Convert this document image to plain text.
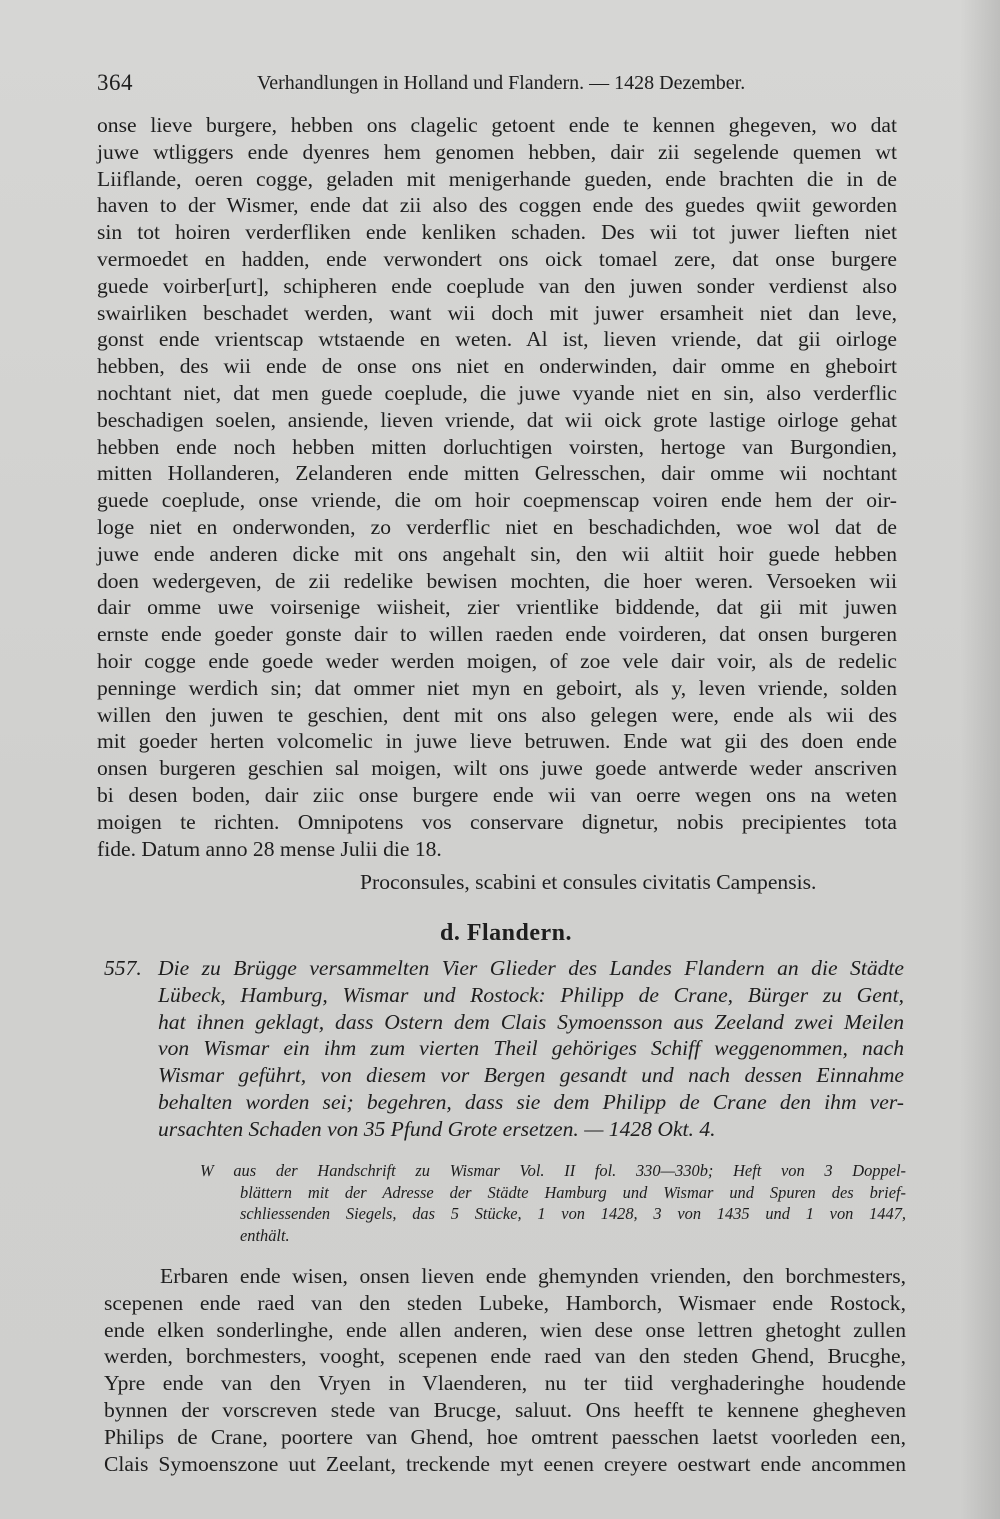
364	Verhandlungen in Holland und Flandern. — 1428 Dezember.
onse lieve burgere, hebben ons clagelic getoent ende te kennen ghegeven, wo dat
juwe wtliggers ende dyenres hem genomen hebben, dair zii segelende quemen wt
Liiflande, oeren cogge, geladen mit menigerhande gueden, ende brachten die in de
haven to der Wismer, ende dat zii also des coggen ende des guedes qwiit geworden
sin tot hoiren verderfliken ende kenliken schaden. Des wii tot juwer lieften niet
vermoedet en hadden, ende verwondert ons oick tomael zere, dat onse burgere
guede voirber[urt], schipheren ende coeplude van den juwen sonder verdienst also
swairliken beschadet werden, want wii doch mit juwer ersamheit niet dan leve,
gonst ende vrientscap wtstaende en weten. Al ist, lieven vriende, dat gii oirloge
hebben, des wii ende de onse ons niet en onderwinden, dair omme en gheboirt
nochtant niet, dat men guede coeplude, die juwe vyande niet en sin, also verderflic
beschadigen soelen, ansiende, lieven vriende, dat wii oick grote lastige oirloge gehat
hebben ende noch hebben mitten dorluchtigen voirsten, hertoge van Burgondien,
mitten Hollanderen, Zelanderen ende mitten Gelresschen, dair omme wii nochtant
guede coeplude, onse vriende, die om hoir coepmenscap voiren ende hem der oir-
loge niet en onderwonden, zo verderflic niet en beschadichden, woe wol dat de
juwe ende anderen dicke mit ons angehalt sin, den wii altiit hoir guede hebben
doen wedergeven, de zii redelike bewisen mochten, die hoer weren. Versoeken wii
dair omme uwe voirsenige wiisheit, zier vrientlike biddende, dat gii mit juwen
ernste ende goeder gonste dair to willen raeden ende voirderen, dat onsen burgeren
hoir cogge ende goede weder werden moigen, of zoe vele dair voir, als de redelic
penninge werdich sin; dat ommer niet myn en geboirt, als y, leven vriende, solden
willen den juwen te geschien, dent mit ons also gelegen were, ende als wii des
mit goeder herten volcomelic in juwe lieve betruwen. Ende wat gii des doen ende
onsen burgeren geschien sal moigen, wilt ons juwe goede antwerde weder anscriven
bi desen boden, dair ziic onse burgere ende wii van oerre wegen ons na weten
moigen te richten. Omnipotens vos conservare dignetur, nobis precipientes tota
fide. Datum anno 28 mense Julii die 18.
Proconsules, scabini et consules civitatis Campensis.
d. Flandern.
557. Die zu Brügge versammelten Vier Glieder des Landes Flandern an die Städte
Lübeck, Hamburg, Wismar und Rostock: Philipp de Crane, Bürger zu Gent,
hat ihnen geklagt, dass Ostern dem Clais Symoensson aus Zeeland zwei Meilen
von Wismar ein ihm zum vierten Theil gehöriges Schiff weggenommen, nach
Wismar geführt, von diesem vor Bergen gesandt und nach dessen Einnahme
behalten worden sei; begehren, dass sie dem Philipp de Crane den ihm ver-
ursachten Schaden von 35 Pfund Grote ersetzen. — 1428 Okt. 4.
W aus der Handschrift zu Wismar Vol. II fol. 330—330b; Heft von 3 Doppel-
blättern mit der Adresse der Städte Hamburg und Wismar und Spuren des brief-
schliessenden Siegels, das 5 Stücke, 1 von 1428, 3 von 1435 und 1 von 1447,
enthält.
Erbaren ende wisen, onsen lieven ende ghemynden vrienden, den borchmesters,
scepenen ende raed van den steden Lubeke, Hamborch, Wismaer ende Rostock,
ende elken sonderlinghe, ende allen anderen, wien dese onse lettren ghetoght zullen
werden, borchmesters, vooght, scepenen ende raed van den steden Ghend, Brucghe,
Ypre ende van den Vryen in Vlaenderen, nu ter tiid verghaderinghe houdende
bynnen der vorscreven stede van Brucge, saluut. Ons heefft te kennene ghegheven
Philips de Crane, poortere van Ghend, hoe omtrent paesschen laetst voorleden een,
Clais Symoenszone uut Zeelant, treckende myt eenen creyere oestwart ende ancommen
